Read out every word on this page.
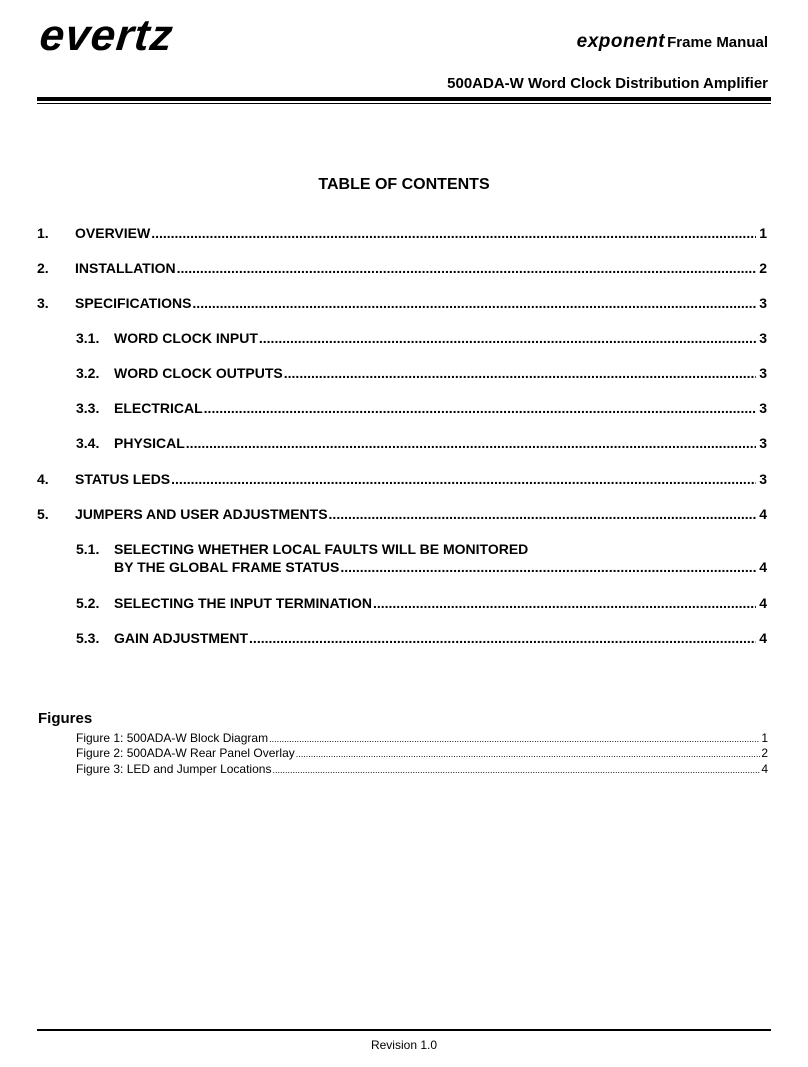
evertz	exponent Frame Manual
500ADA-W Word Clock Distribution Amplifier
TABLE OF CONTENTS
1.	OVERVIEW .....	1
2.	INSTALLATION .....	2
3.	SPECIFICATIONS .....	3
3.1.	WORD CLOCK INPUT .....	3
3.2.	WORD CLOCK OUTPUTS .....	3
3.3.	ELECTRICAL .....	3
3.4.	PHYSICAL .....	3
4.	STATUS LEDS .....	3
5.	JUMPERS AND USER ADJUSTMENTS .....	4
5.1.	SELECTING WHETHER LOCAL FAULTS WILL BE MONITORED
BY THE GLOBAL FRAME STATUS .....	4
5.2.	SELECTING THE INPUT TERMINATION .....	4
5.3.	GAIN ADJUSTMENT .....	4
Figures
Figure 1: 500ADA-W Block Diagram .....	1
Figure 2: 500ADA-W Rear Panel Overlay .....	2
Figure 3: LED and Jumper Locations .....	4
Revision 1.0
